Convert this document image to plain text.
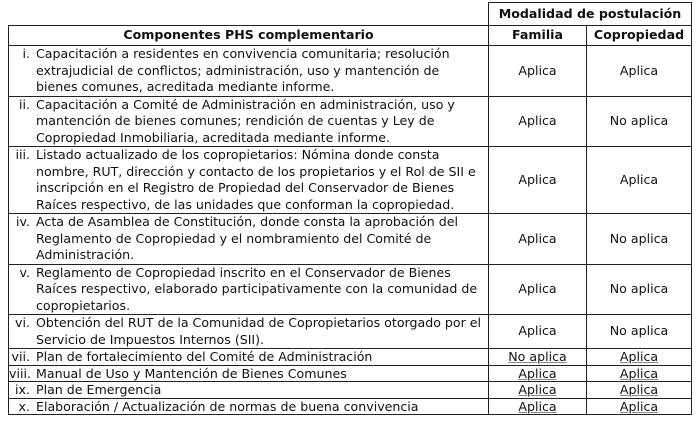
	Modalidad de postulación	
Componentes PHS complementario	Familia	Copropiedad

i. Capacitación a residentes en convivencia comunitaria; resolución extrajudicial de conflictos; administración, uso y mantención de bienes comunes, acreditada mediante informe.	Aplica	Aplica

ii. Capacitación a Comité de Administración en administración, uso y mantención de bienes comunes; rendición de cuentas y Ley de Copropiedad Inmobiliaria, acreditada mediante informe.	Aplica	No aplica

iii. Listado actualizado de los copropietarios: Nómina donde consta nombre, RUT, dirección y contacto de los propietarios y el Rol de SII e inscripción en el Registro de Propiedad del Conservador de Bienes Raíces respectivo, de las unidades que conforman la copropiedad.	Aplica	Aplica

iv. Acta de Asamblea de Constitución, donde consta la aprobación del Reglamento de Copropiedad y el nombramiento del Comité de Administración.	Aplica	No aplica

v. Reglamento de Copropiedad inscrito en el Conservador de Bienes Raíces respectivo, elaborado participativamente con la comunidad de copropietarios.	Aplica	No aplica

vi. Obtención del RUT de la Comunidad de Copropietarios otorgado por el Servicio de Impuestos Internos (SII).	Aplica	No aplica

vii. Plan de fortalecimiento del Comité de Administración	No aplica	Aplica

viii. Manual de Uso y Mantención de Bienes Comunes	Aplica	Aplica

ix. Plan de Emergencia	Aplica	Aplica

x. Elaboración / Actualización de normas de buena convivencia	Aplica	Aplica
